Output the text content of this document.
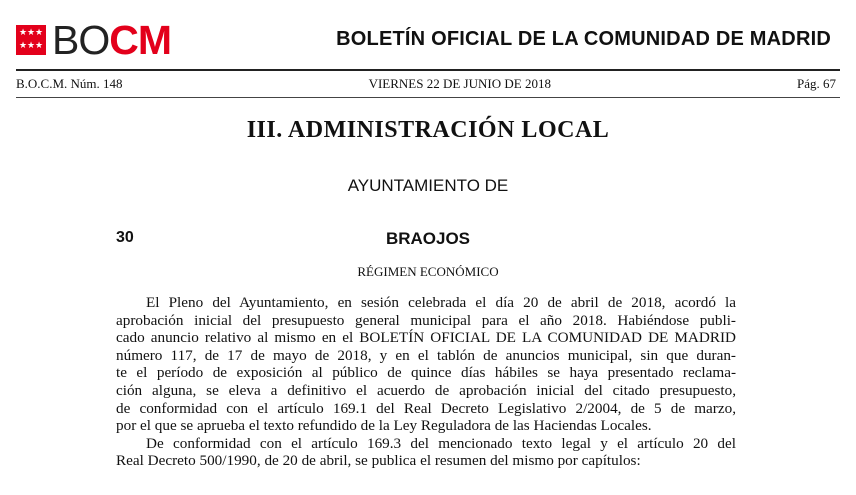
★ ★ ★
★ ★ ★ BOCM	BOLETÍN OFICIAL DE LA COMUNIDAD DE MADRID
B.O.C.M. Núm. 148	VIERNES 22 DE JUNIO DE 2018	Pág. 67
III. ADMINISTRACIÓN LOCAL
AYUNTAMIENTO DE
30	BRAOJOS
RÉGIMEN ECONÓMICO
El Pleno del Ayuntamiento, en sesión celebrada el día 20 de abril de 2018, acordó la
aprobación inicial del presupuesto general municipal para el año 2018. Habiéndose publi-
cado anuncio relativo al mismo en el BOLETÍN OFICIAL DE LA COMUNIDAD DE MADRID
número 117, de 17 de mayo de 2018, y en el tablón de anuncios municipal, sin que duran-
te el período de exposición al público de quince días hábiles se haya presentado reclama-
ción alguna, se eleva a definitivo el acuerdo de aprobación inicial del citado presupuesto,
de conformidad con el artículo 169.1 del Real Decreto Legislativo 2/2004, de 5 de marzo,
por el que se aprueba el texto refundido de la Ley Reguladora de las Haciendas Locales.
De conformidad con el artículo 169.3 del mencionado texto legal y el artículo 20 del
Real Decreto 500/1990, de 20 de abril, se publica el resumen del mismo por capítulos:
